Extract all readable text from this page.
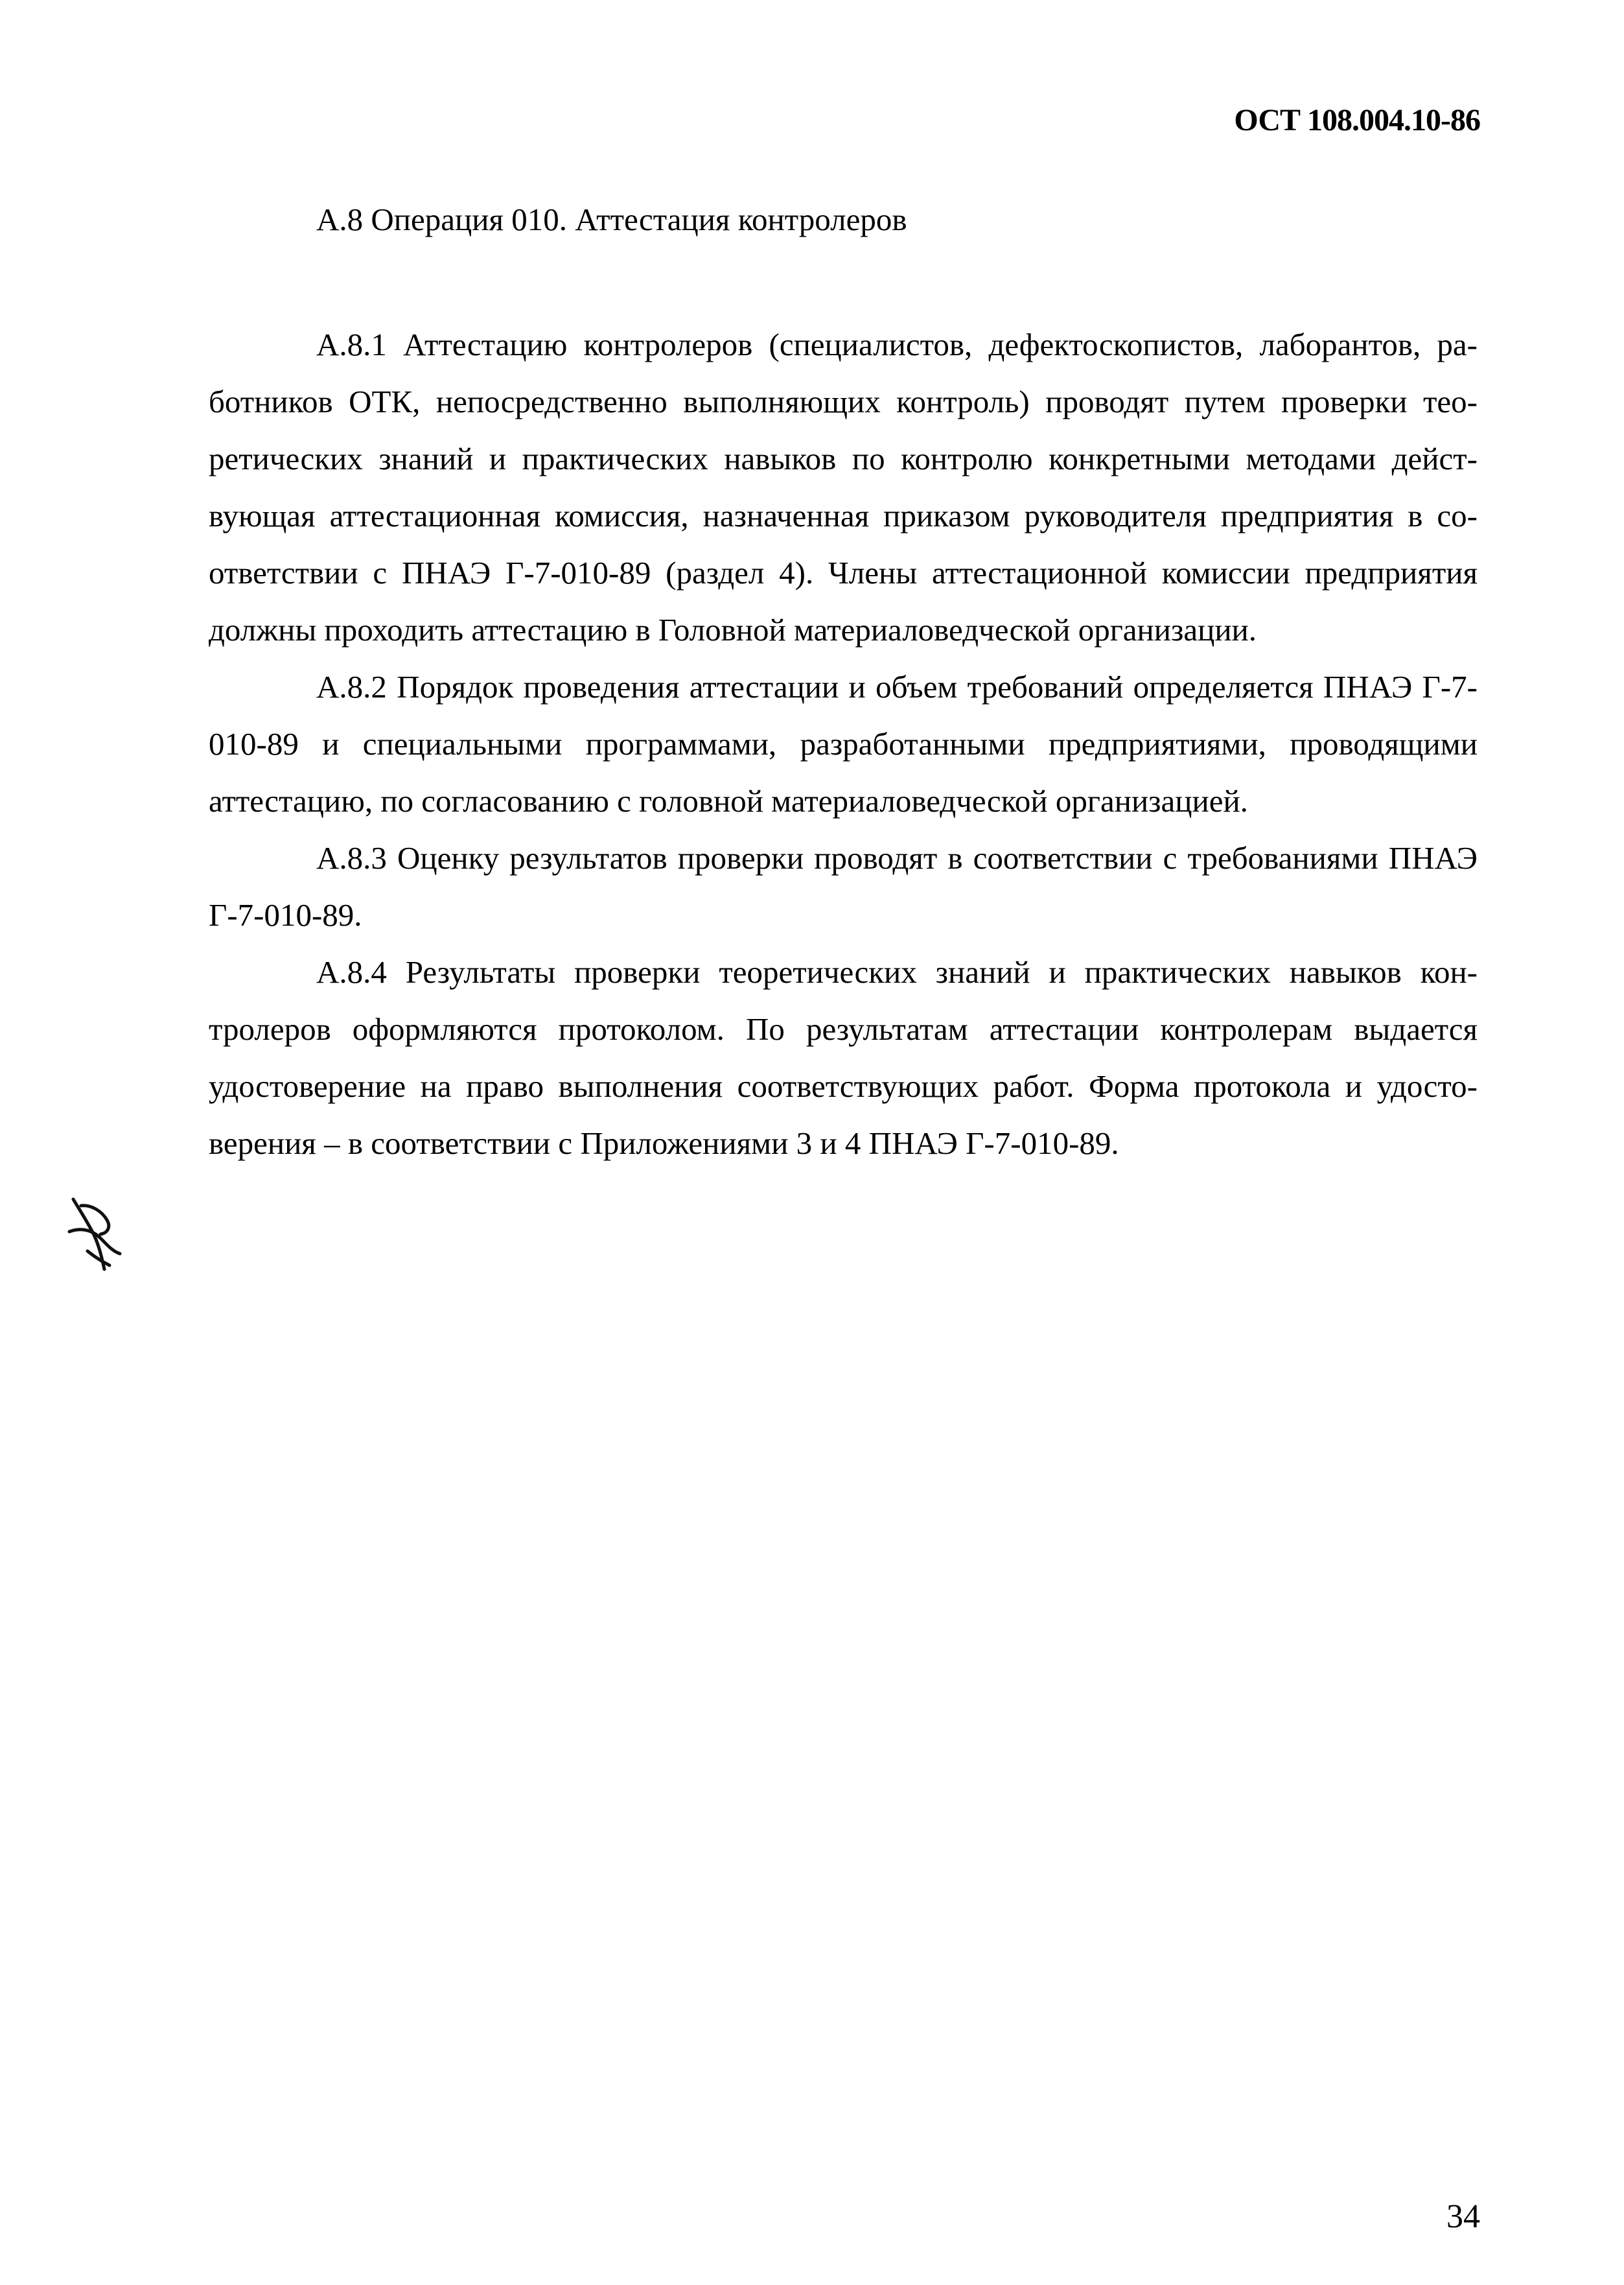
ОСТ 108.004.10-86
А.8 Операция 010. Аттестация контролеров

А.8.1 Аттестацию контролеров (специалистов, дефектоскопистов, лаборантов, работников ОТК, непосредственно выполняющих контроль) проводят путем проверки теоретических знаний и практических навыков по контролю конкретными методами действующая аттестационная комиссия, назначенная приказом руководителя предприятия в соответствии с ПНАЭ Г-7-010-89 (раздел 4). Члены аттестационной комиссии предприятия должны проходить аттестацию в Головной материаловедческой организации.

А.8.2 Порядок проведения аттестации и объем требований определяется ПНАЭ Г-7-010-89 и специальными программами, разработанными предприятиями, проводящими аттестацию, по согласованию с головной материаловедческой организацией.

А.8.3 Оценку результатов проверки проводят в соответствии с требованиями ПНАЭ Г-7-010-89.

А.8.4 Результаты проверки теоретических знаний и практических навыков контролеров оформляются протоколом. По результатам аттестации контролерам выдается удостоверение на право выполнения соответствующих работ. Форма протокола и удостоверения – в соответствии с Приложениями 3 и 4 ПНАЭ Г-7-010-89.

34
